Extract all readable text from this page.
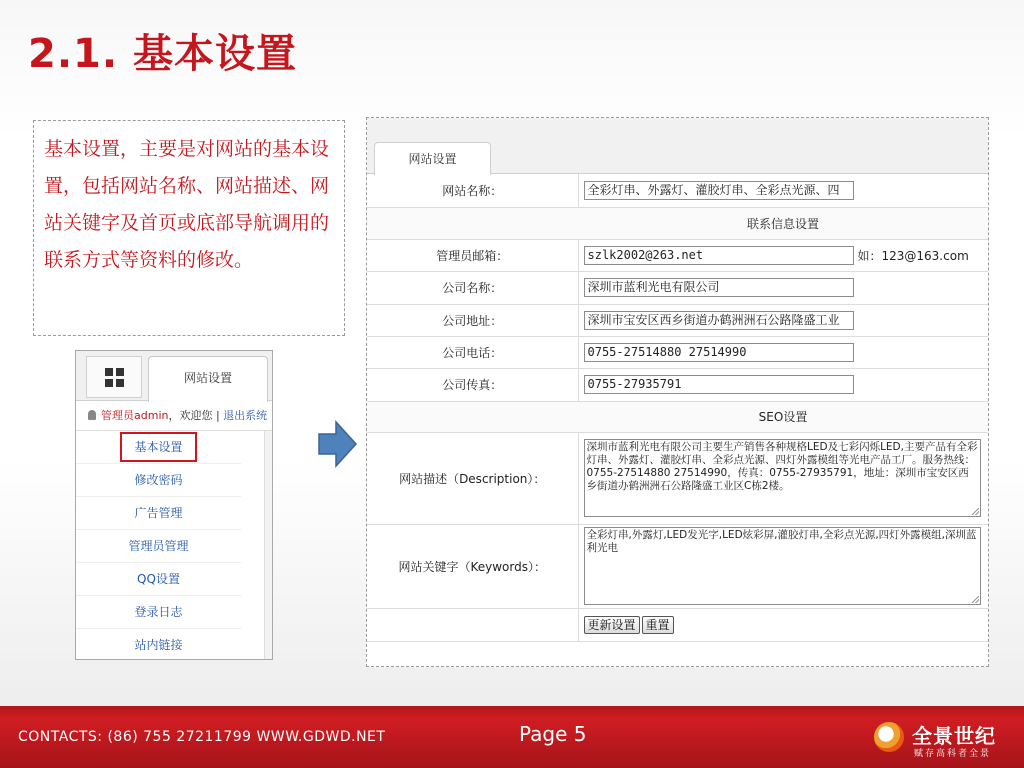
2.1. 基本设置
基本设置，主要是对网站的基本设置，包括网站名称、网站描述、网站关键字及首页或底部导航调用的联系方式等资料的修改。
网站设置
管理员admin，欢迎您 | 退出系统
基本设置
修改密码
广告管理
管理员管理
QQ设置
登录日志
站内链接
网站设置
网站名称：	全彩灯串、外露灯、灌胶灯串、全彩点光源、四
联系信息设置	
管理员邮箱：	szlk2002@263.net 如：123@163.com
公司名称：	深圳市蓝利光电有限公司
公司地址：	深圳市宝安区西乡街道办鹤洲洲石公路隆盛工业
公司电话：	0755-27514880 27514990
公司传真：	0755-27935791
SEO设置	
网站描述（Description）：	深圳市蓝利光电有限公司主要生产销售各种规格LED及七彩闪烁LED,主要产品有全彩灯串、外露灯、灌胶灯串、全彩点光源、四灯外露模组等光电产品工厂。服务热线：0755-27514880 27514990，传真：0755-27935791，地址：深圳市宝安区西乡街道办鹤洲洲石公路隆盛工业区C栋2楼。

网站关键字（Keywords）：	全彩灯串,外露灯,LED发光字,LED炫彩屏,灌胶灯串,全彩点光源,四灯外露模组,深圳蓝利光电

	更新设置 重置
CONTACTS: (86) 755 27211799 WWW.GDWD.NET	Page 5	全景世纪
赋存高科者全景
